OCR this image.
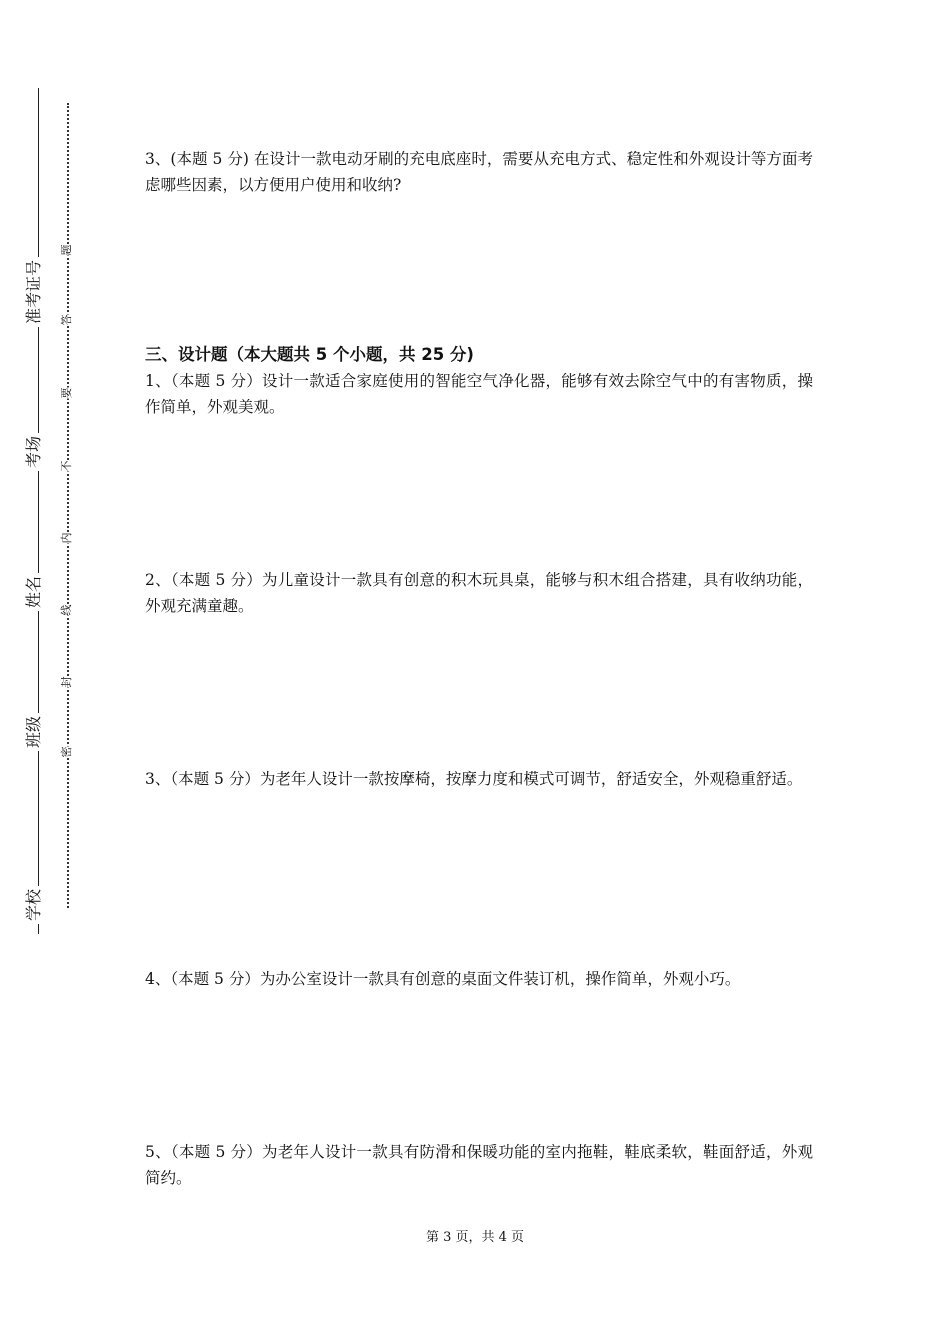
准考证号
考场
姓名
班级
学校
题
答
要
不
内
线
封
密

3、(本题 5 分) 在设计一款电动牙刷的充电底座时，需要从充电方式、稳定性和外观设计等方面考虑哪些因素，以方便用户使用和收纳?

三、设计题（本大题共 5 个小题，共 25 分)

1、（本题 5 分）设计一款适合家庭使用的智能空气净化器，能够有效去除空气中的有害物质，操作简单，外观美观。

2、（本题 5 分）为儿童设计一款具有创意的积木玩具桌，能够与积木组合搭建，具有收纳功能，外观充满童趣。

3、（本题 5 分）为老年人设计一款按摩椅，按摩力度和模式可调节，舒适安全，外观稳重舒适。

4、（本题 5 分）为办公室设计一款具有创意的桌面文件装订机，操作简单，外观小巧。

5、（本题 5 分）为老年人设计一款具有防滑和保暖功能的室内拖鞋，鞋底柔软，鞋面舒适，外观简约。

第 3 页，共 4 页
